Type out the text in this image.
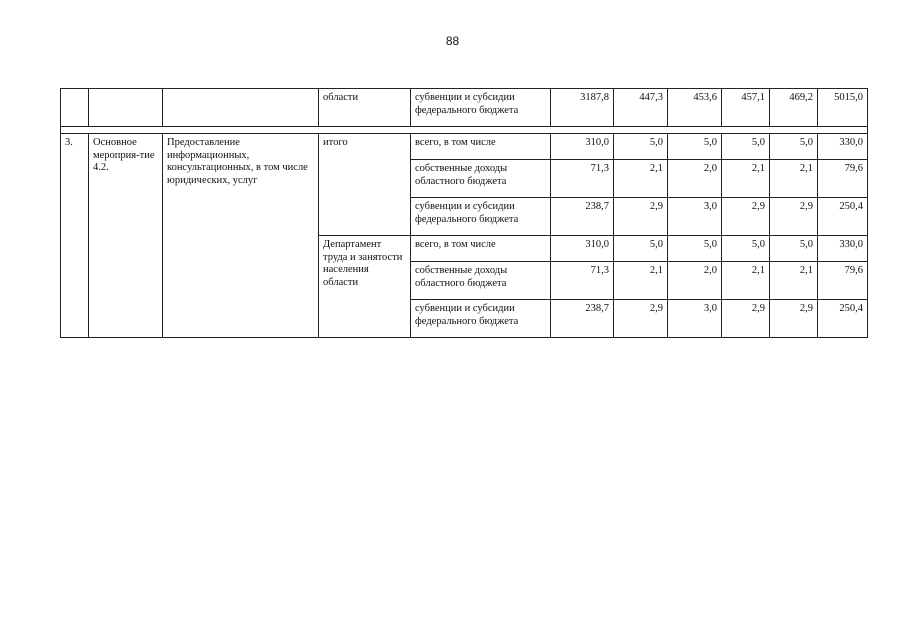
88
			области	субвенции и субсидии федерального бюджета	3187,8	447,3	453,6	457,1	469,2	5015,0

3.	Основное мероприя-тие 4.2.	Предоставление информационных, консультационных, в том числе юридических, услуг	итого	всего, в том числе	310,0	5,0	5,0	5,0	5,0	330,0
				собственные доходы областного бюджета	71,3	2,1	2,0	2,1	2,1	79,6
				субвенции и субсидии федерального бюджета	238,7	2,9	3,0	2,9	2,9	250,4
			Департамент труда и занятости населения области	всего, в том числе	310,0	5,0	5,0	5,0	5,0	330,0
				собственные доходы областного бюджета	71,3	2,1	2,0	2,1	2,1	79,6
				субвенции и субсидии федерального бюджета	238,7	2,9	3,0	2,9	2,9	250,4
